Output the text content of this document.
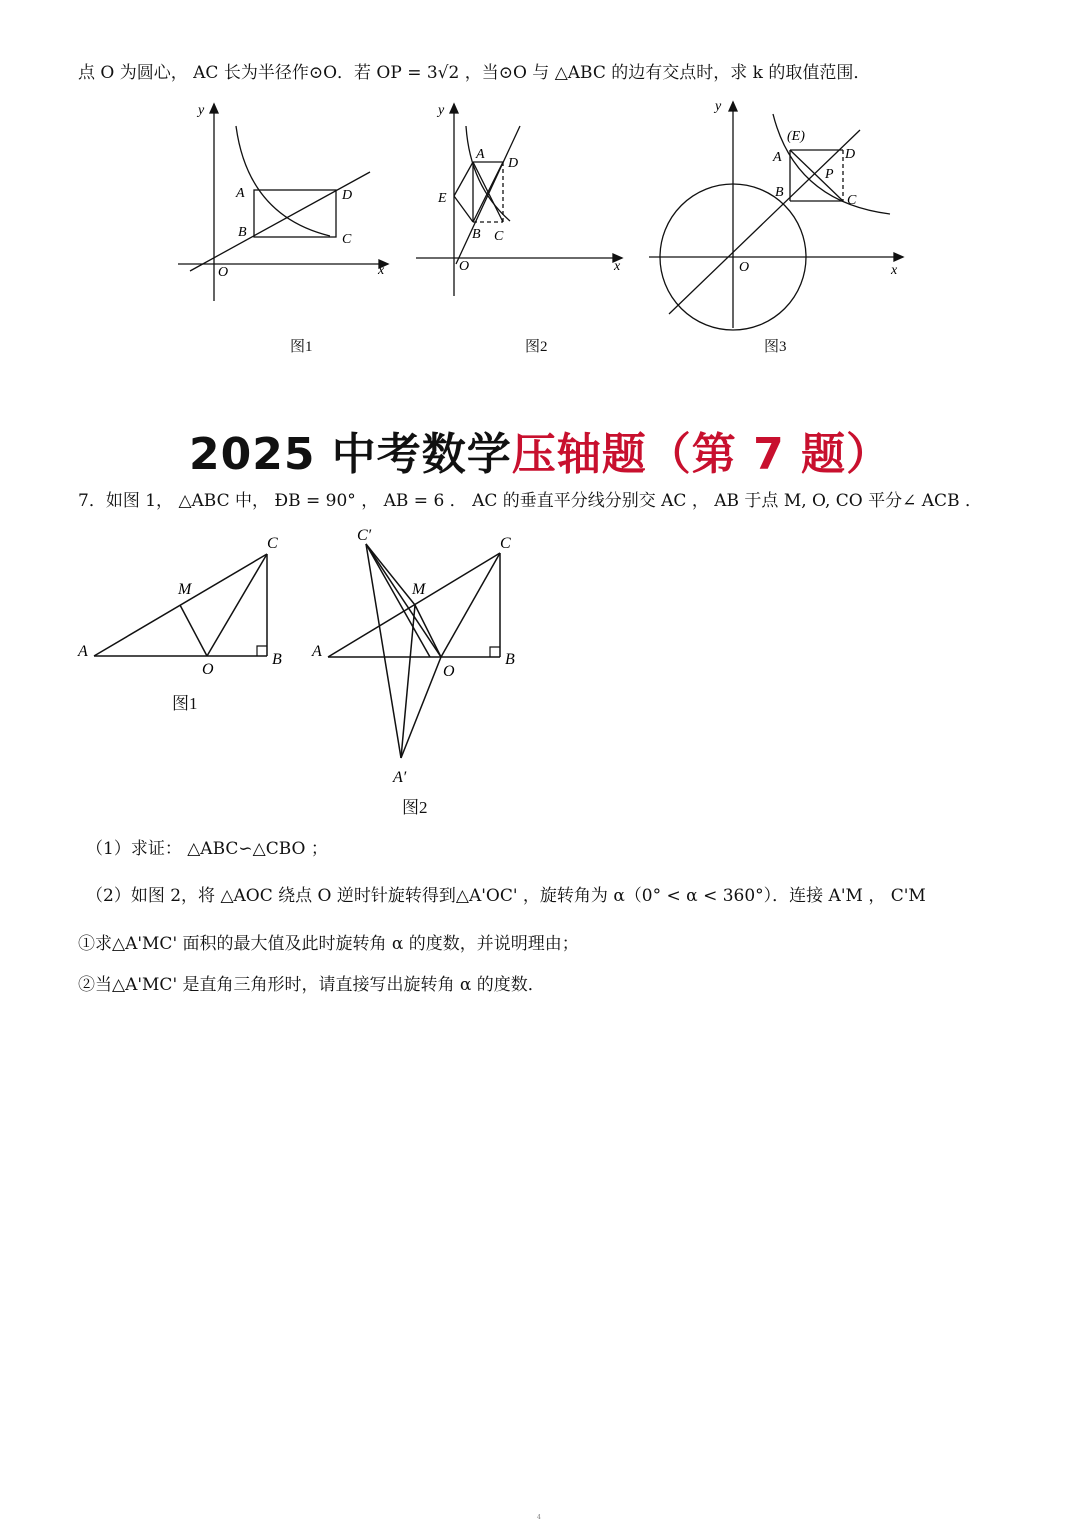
点 O 为圆心， AC 长为半径作⊙O．若 OP = 3√2 ，当⊙O 与 △ABC 的边有交点时，求 k 的取值范围．
y
x
O
A
B	C
D
图1
y
x
O
A
B C
D
E
图2
y
x
O
A
B
C
D
(E)
P
图3
2025 中考数学压轴题（第 7 题）
7．如图 1， △ABC 中， ÐB = 90° ， AB = 6 ． AC 的垂直平分线分别交 AC ， AB 于点 M, O, CO 平分∠ ACB ．
A	B
C
M
O
图1
A	B
C
M
O
C′
A′
图2
（1）求证： △ABC∽△CBO ；
（2）如图 2，将 △AOC 绕点 O 逆时针旋转得到△A'OC' ，旋转角为 α（0° < α < 360°）．连接 A'M ， C'M
①求△A'MC' 面积的最大值及此时旋转角 α 的度数，并说明理由；
②当△A'MC' 是直角三角形时，请直接写出旋转角 α 的度数．
4
